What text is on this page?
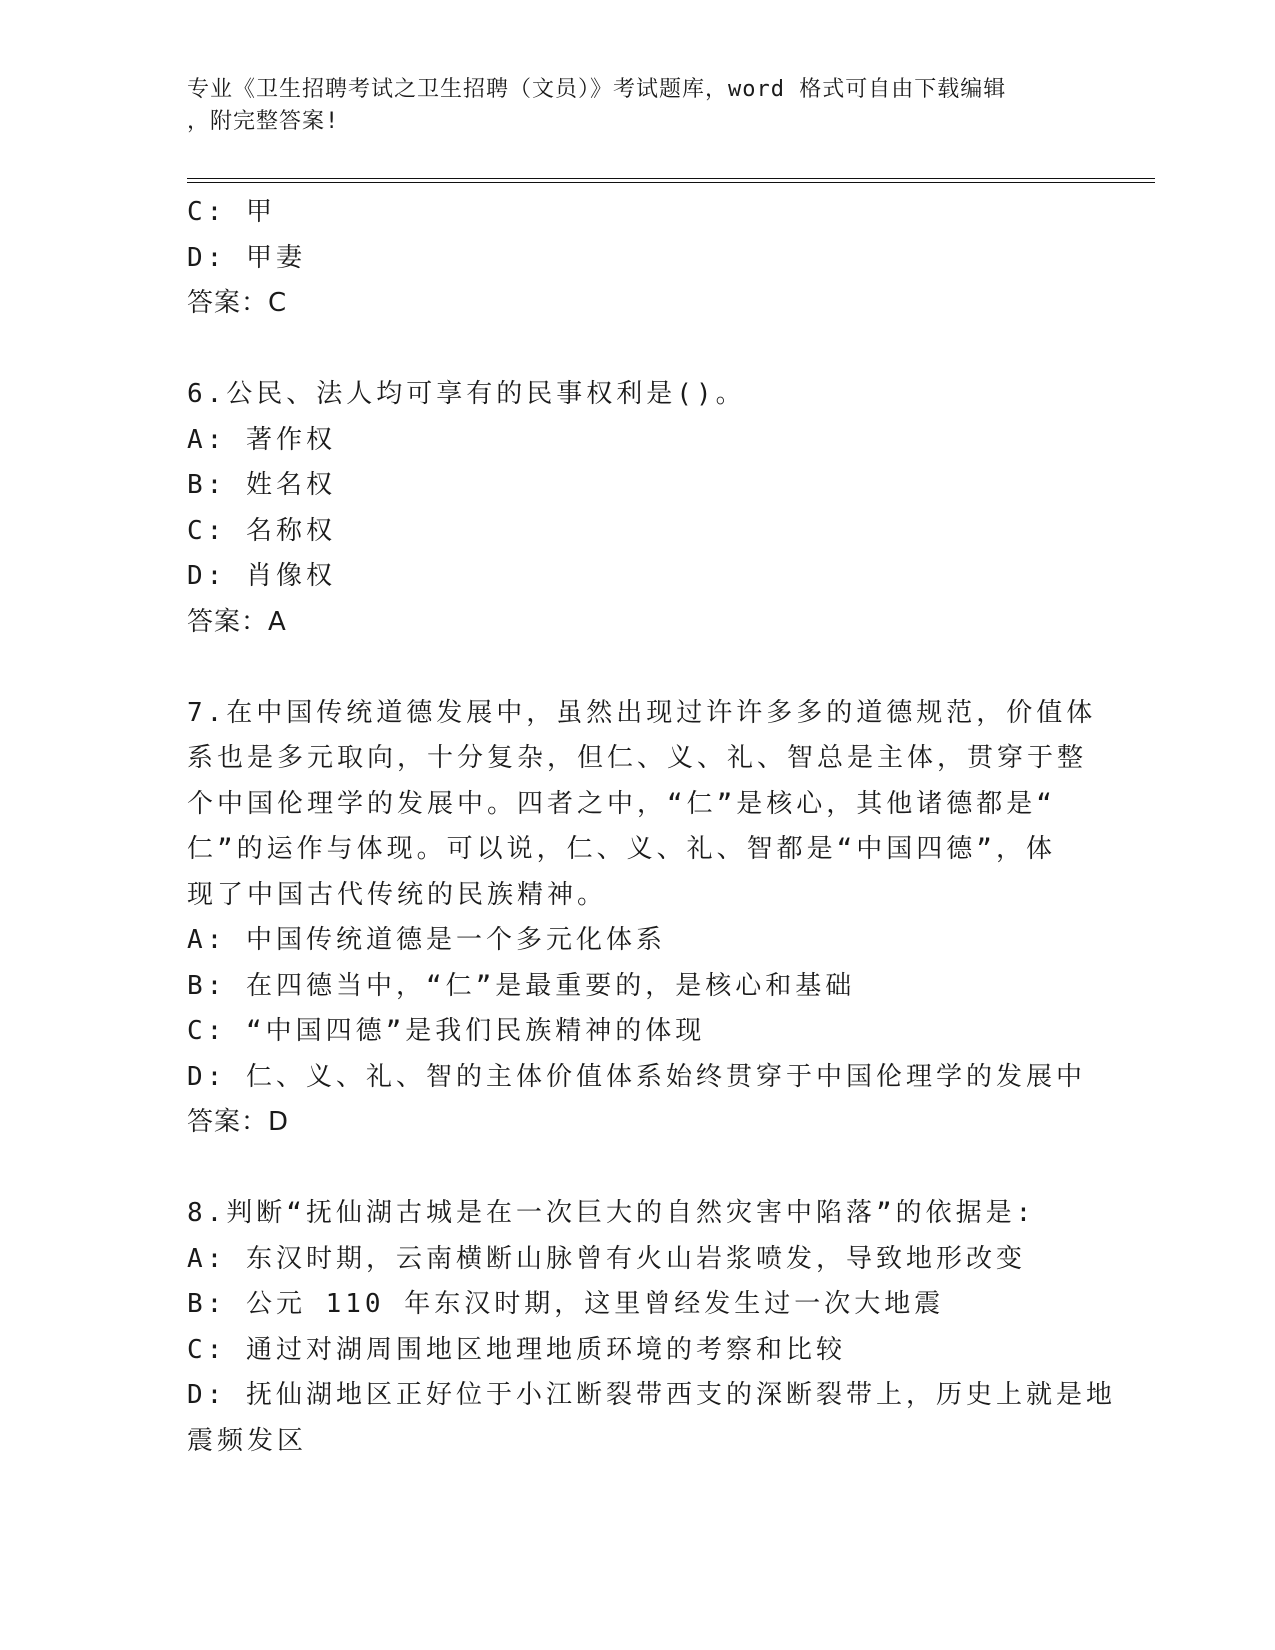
专业《卫生招聘考试之卫生招聘（文员）》考试题库，word 格式可自由下载编辑
，附完整答案!
C: 甲
D: 甲妻
答案：C
6.公民、法人均可享有的民事权利是()。
A: 著作权
B: 姓名权
C: 名称权
D: 肖像权
答案：A
7.在中国传统道德发展中，虽然出现过许许多多的道德规范，价值体
系也是多元取向，十分复杂，但仁、义、礼、智总是主体，贯穿于整
个中国伦理学的发展中。四者之中，“仁”是核心，其他诸德都是“
仁”的运作与体现。可以说，仁、义、礼、智都是“中国四德”，体
现了中国古代传统的民族精神。
A: 中国传统道德是一个多元化体系
B: 在四德当中，“仁”是最重要的，是核心和基础
C: “中国四德”是我们民族精神的体现
D: 仁、义、礼、智的主体价值体系始终贯穿于中国伦理学的发展中
答案：D
8.判断“抚仙湖古城是在一次巨大的自然灾害中陷落”的依据是:
A: 东汉时期，云南横断山脉曾有火山岩浆喷发，导致地形改变
B: 公元 110 年东汉时期，这里曾经发生过一次大地震
C: 通过对湖周围地区地理地质环境的考察和比较
D: 抚仙湖地区正好位于小江断裂带西支的深断裂带上，历史上就是地
震频发区
